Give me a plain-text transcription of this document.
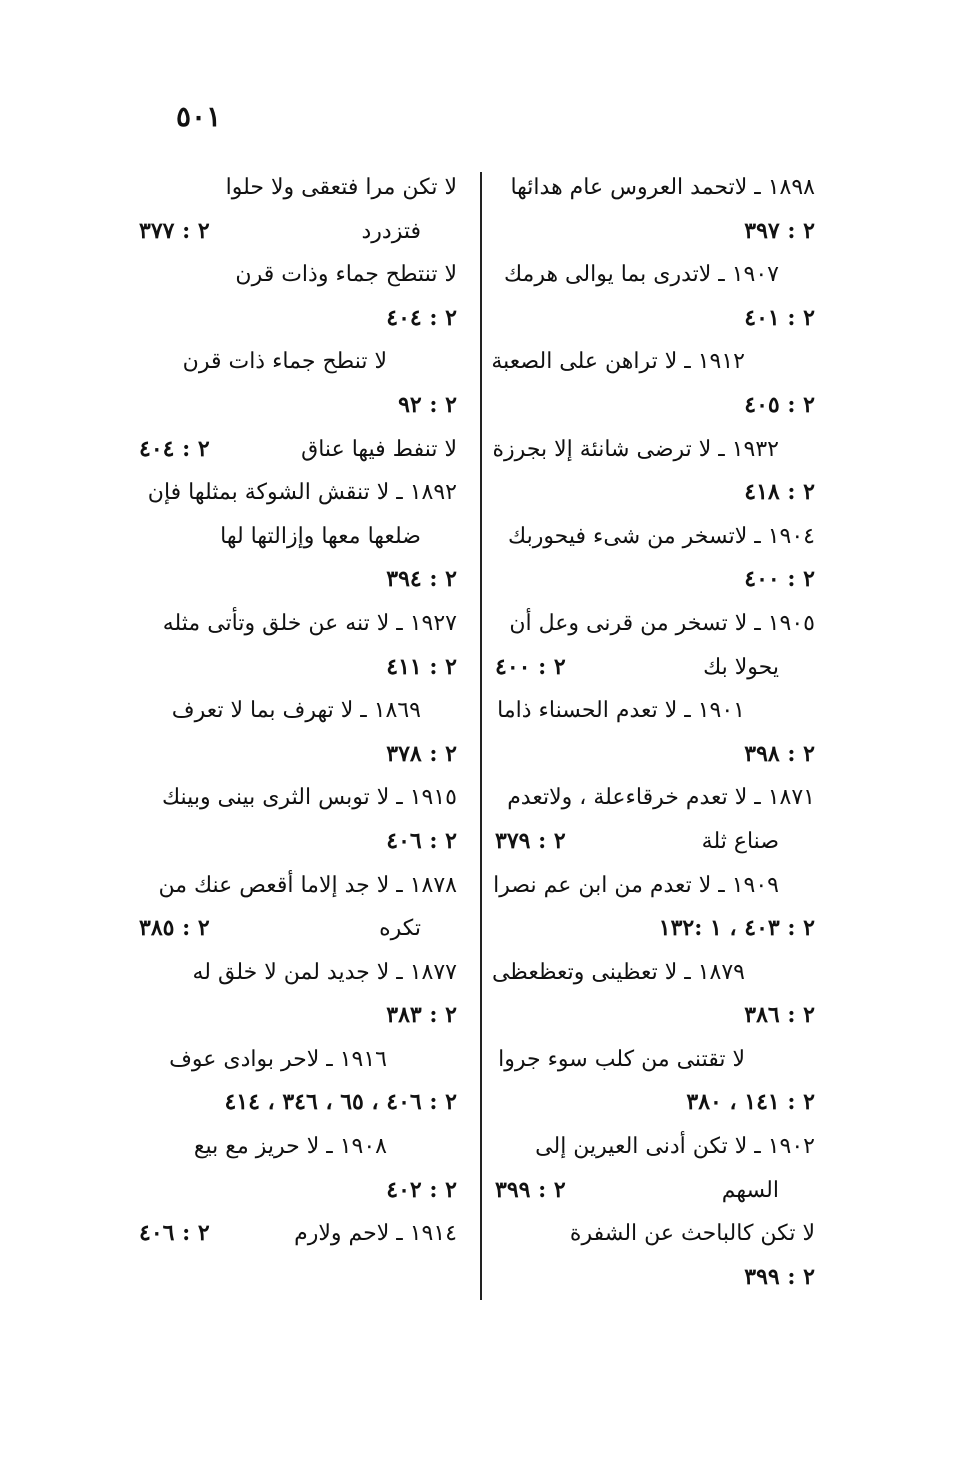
٥٠١
١٨٩٨ ـ لاتحمد العروس عام هدائها
٢ : ٣٩٧
١٩٠٧ ـ لاتدرى بما يوالى هرمك
٢ : ٤٠١
١٩١٢ ـ لا تراهن على الصعبة
٢ : ٤٠٥
١٩٣٢ ـ لا ترضى شانئة إلا بجرزة
٢ : ٤١٨
١٩٠٤ ـ لاتسخر من شىء فيحوربك
٢ : ٤٠٠
١٩٠٥ ـ لا تسخر من قرنى وعل أن
يحولا بك
٢ : ٤٠٠
١٩٠١ ـ لا تعدم الحسناء ذاما
٢ : ٣٩٨
١٨٧١ ـ لا تعدم خرقاءعلة ، ولاتعدم
صناع ثلة
٢ : ٣٧٩
١٩٠٩ ـ لا تعدم من ابن عم نصرا
٢ : ٤٠٣ ، ١ :١٣٢
١٨٧٩ ـ لا تعظينى وتعظعظى
٢ : ٣٨٦
لا تقتنى من كلب سوء جروا
٢ : ١٤١ ، ٣٨٠
١٩٠٢ ـ لا تكن أدنى العيرين إلى
السهم
٢ : ٣٩٩
لا تكن كالباحث عن الشفرة
٢ : ٣٩٩
لا تكن مرا فتعقى ولا حلوا
فتزدرد
٢ : ٣٧٧
لا تنتطح جماء وذات قرن
٢ : ٤٠٤
لا تنطح جماء ذات قرن
٢ : ٩٢
لا تنفط فيها عناق
٢ : ٤٠٤
١٨٩٢ ـ لا تنقش الشوكة بمثلها فإن
ضلعها معها وإزالتها لها
٢ : ٣٩٤
١٩٢٧ ـ لا تنه عن خلق وتأتى مثله
٢ : ٤١١
١٨٦٩ ـ لا تهرف بما لا تعرف
٢ : ٣٧٨
١٩١٥ ـ لا توبس الثرى بينى وبينك
٢ : ٤٠٦
١٨٧٨ ـ لا جد إلاما أقعص عنك من
تكره
٢ : ٣٨٥
١٨٧٧ ـ لا جديد لمن لا خلق له
٢ : ٣٨٣
١٩١٦ ـ لاحر بوادى عوف
٢ : ٤٠٦ ، ٦٥ ، ٣٤٦ ، ٤١٤
١٩٠٨ ـ لا حريز مع بيع
٢ : ٤٠٢
١٩١٤ ـ لاحم ولارم
٢ : ٤٠٦
